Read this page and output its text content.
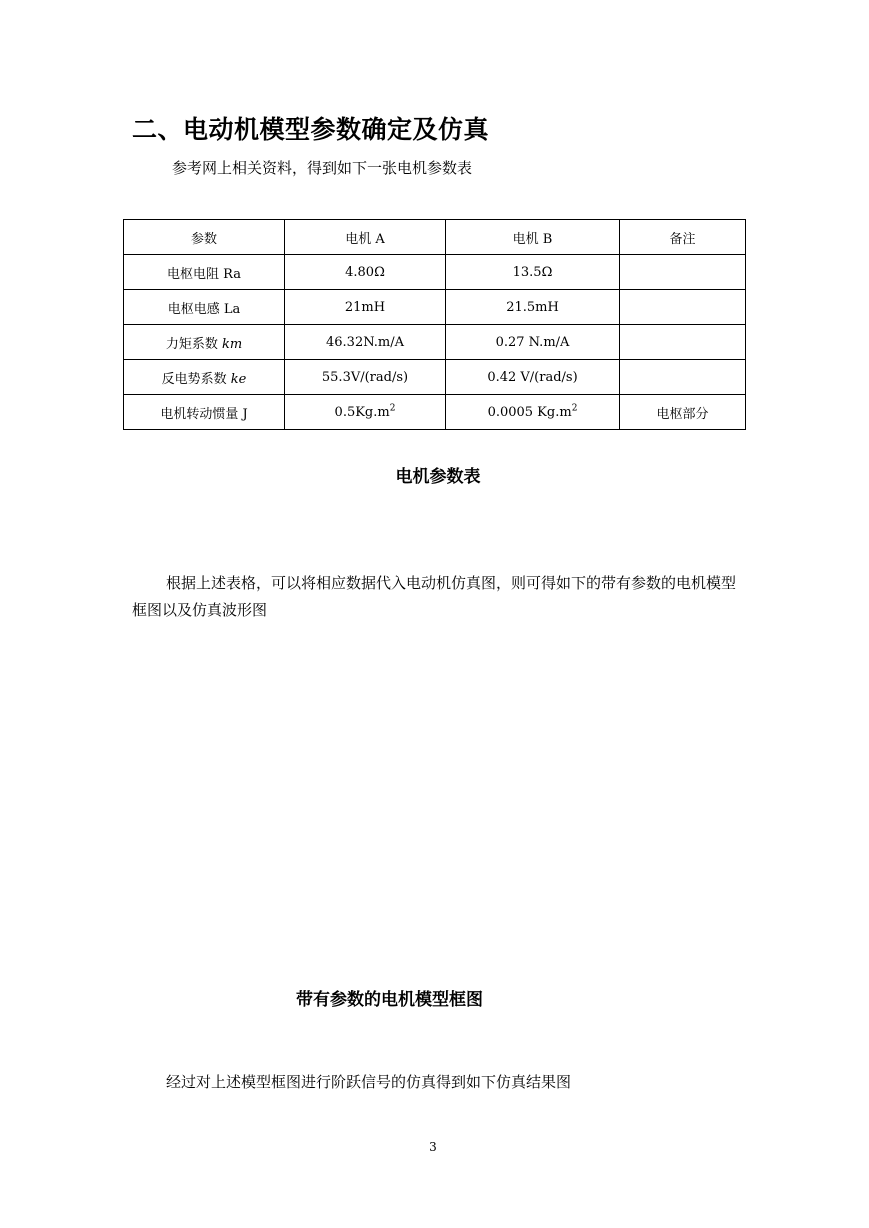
二、电动机模型参数确定及仿真
参考网上相关资料，得到如下一张电机参数表
参数	电机 A	电机 B	备注
电枢电阻 Ra	4.80Ω	13.5Ω	
电枢电感 La	21mH	21.5mH	
力矩系数 km	46.32N.m/A	0.27 N.m/A	
反电势系数 ke	55.3V/(rad/s)	0.42 V/(rad/s)	
电机转动惯量 J	$0.5Kg.m^2$	0.0005 $Kg.m^2$	电枢部分
电机参数表
根据上述表格，可以将相应数据代入电动机仿真图，则可得如下的带有参数的电机模型框图以及仿真波形图
带有参数的电机模型框图
经过对上述模型框图进行阶跃信号的仿真得到如下仿真结果图
3
